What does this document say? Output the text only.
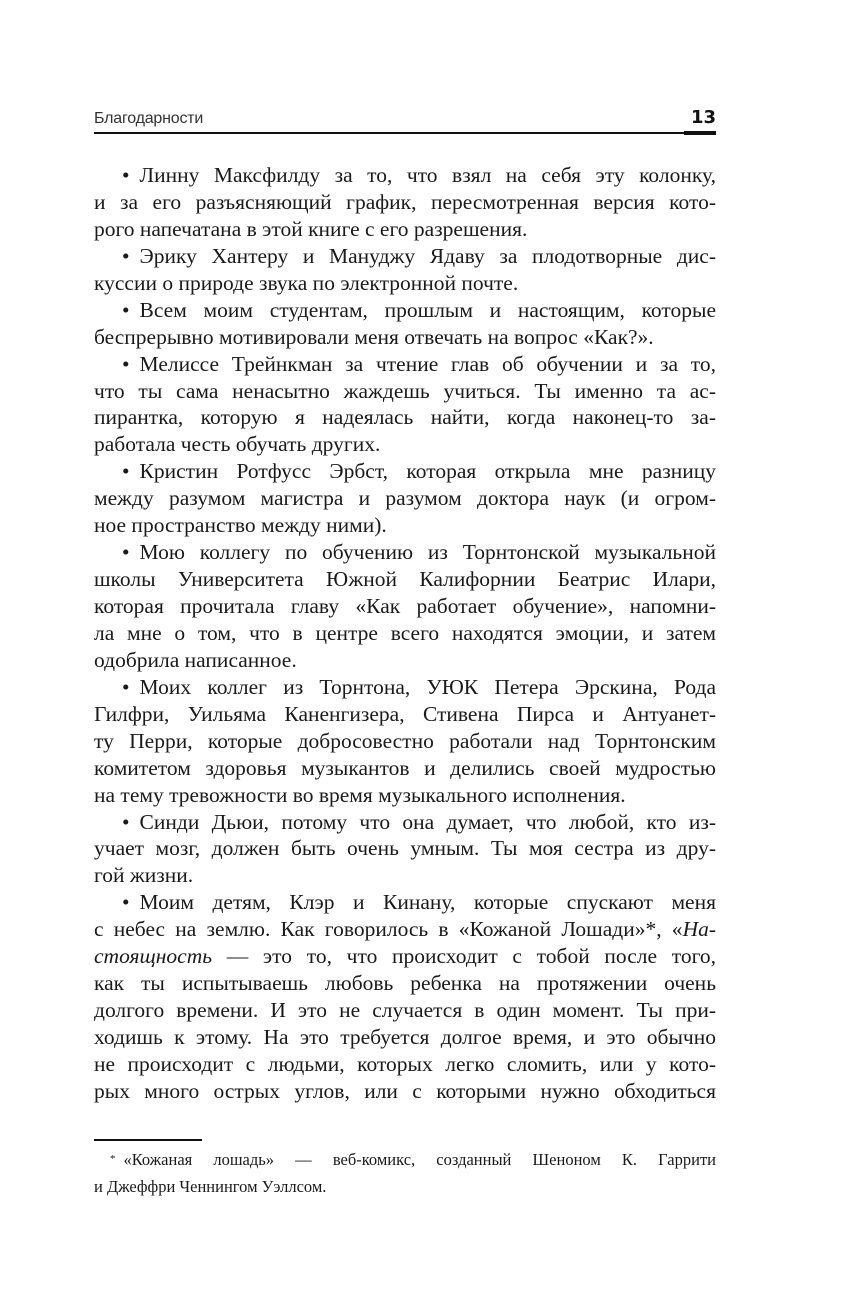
Благодарности	13
• Линну Максфилду за то, что взял на себя эту колонку,
и за его разъясняющий график, пересмотренная версия кото-
рого напечатана в этой книге с его разрешения.
• Эрику Хантеру и Мануджу Ядаву за плодотворные дис-
куссии о природе звука по электронной почте.
• Всем моим студентам, прошлым и настоящим, которые
беспрерывно мотивировали меня отвечать на вопрос «Как?».
• Мелиссе Трейнкман за чтение глав об обучении и за то,
что ты сама ненасытно жаждешь учиться. Ты именно та ас-
пирантка, которую я надеялась найти, когда наконец-то за-
работала честь обучать других.
• Кристин Ротфусс Эрбст, которая открыла мне разницу
между разумом магистра и разумом доктора наук (и огром-
ное пространство между ними).
• Мою коллегу по обучению из Торнтонской музыкальной
школы Университета Южной Калифорнии Беатрис Илари,
которая прочитала главу «Как работает обучение», напомни-
ла мне о том, что в центре всего находятся эмоции, и затем
одобрила написанное.
• Моих коллег из Торнтона, УЮК Петера Эрскина, Рода
Гилфри, Уильяма Каненгизера, Стивена Пирса и Антуанет-
ту Перри, которые добросовестно работали над Торнтонским
комитетом здоровья музыкантов и делились своей мудростью
на тему тревожности во время музыкального исполнения.
• Синди Дьюи, потому что она думает, что любой, кто из-
учает мозг, должен быть очень умным. Ты моя сестра из дру-
гой жизни.
• Моим детям, Клэр и Кинану, которые спускают меня
с небес на землю. Как говорилось в «Кожаной Лошади»*, «На-
стоящность — это то, что происходит с тобой после того,
как ты испытываешь любовь ребенка на протяжении очень
долгого времени. И это не случается в один момент. Ты при-
ходишь к этому. На это требуется долгое время, и это обычно
не происходит с людьми, которых легко сломить, или у кото-
рых много острых углов, или с которыми нужно обходиться
* «Кожаная лошадь» — веб-комикс, созданный Шеноном К. Гаррити
и Джеффри Ченнингом Уэллсом.
